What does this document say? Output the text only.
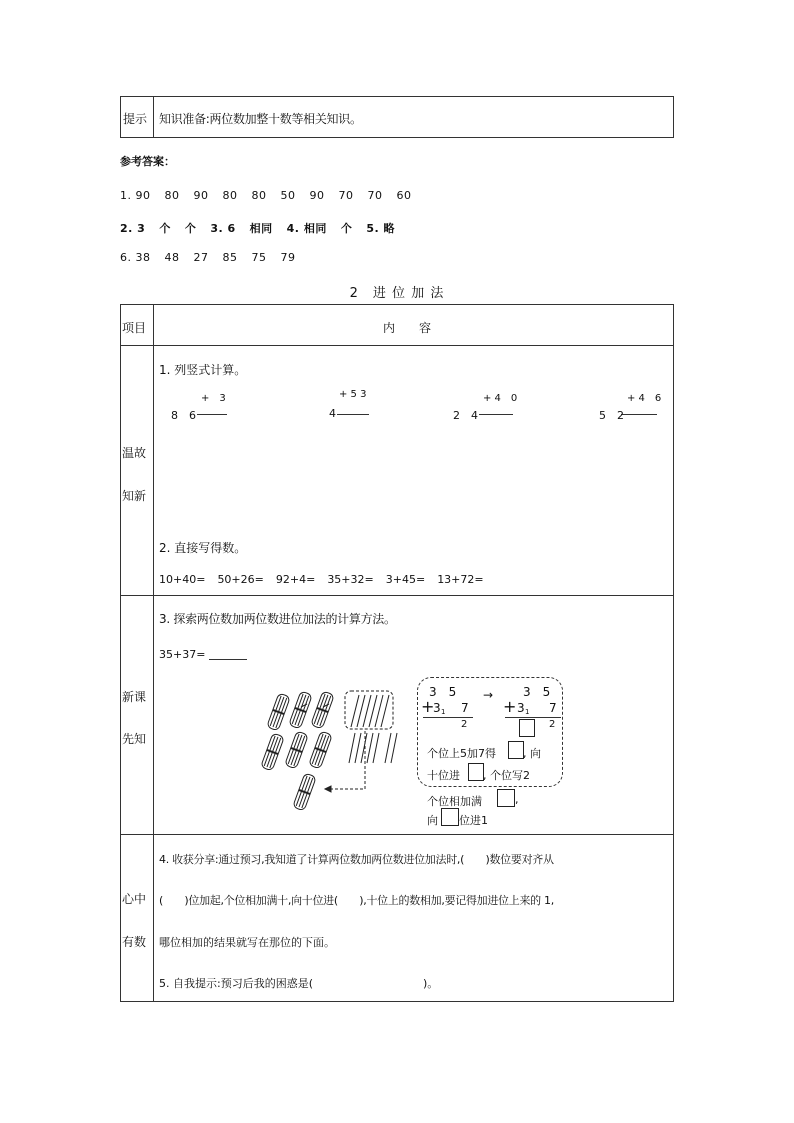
提示 知识准备:两位数加整十数等相关知识。
参考答案：
1. 90 80 90 80 80 50 90 70 70 60
2. 3 个 个 3. 6 相同 4. 相同 个 5. 略
6. 38 48 27 85 75 79
2　进 位 加 法
项目	内　　容
温故
知新
1. 列竖式计算。
+　3
8　6
+ 5 3
4
+ 4　0
2　4
+ 4　6
5　2
2. 直接写得数。
10+40= 50+26= 92+4= 35+32= 3+45= 13+72=
新课
先知
3. 探索两位数加两位数进位加法的计算方法。
35+37=
3　5
+
3 1 7
2
→ 3　5
+ 3 1 7
2
个位上5加7得 , 向
十位进 , 个位写2
个位相加满	,
向 位进1
心中
有数
4. 收获分享:通过预习,我知道了计算两位数加两位数进位加法时,(　　)数位要对齐从
(　　)位加起,个位相加满十,向十位进(　　),十位上的数相加,要记得加进位上来的 1,
哪位相加的结果就写在那位的下面。
5. 自我提示:预习后我的困惑是(　　　　　　　　　　)。
